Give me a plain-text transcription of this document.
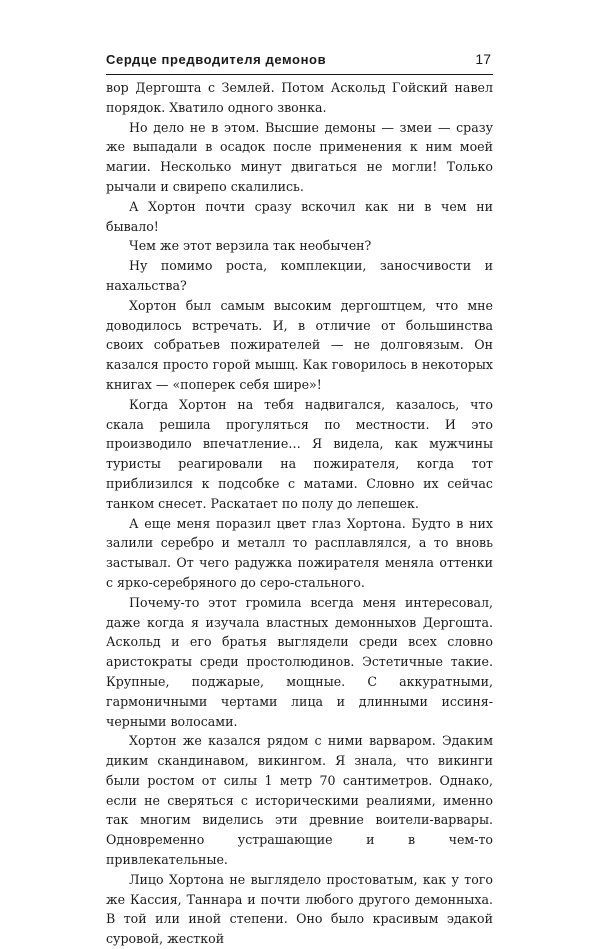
Сердце предводителя демонов	17

вор Дергошта с Землей. Потом Аскольд Гойский навел порядок. Хватило одного звонка.

Но дело не в этом. Высшие демоны — змеи — сразу же выпадали в осадок после применения к ним моей магии. Несколько минут двигаться не могли! Только рычали и свирепо скалились.

А Хортон почти сразу вскочил как ни в чем ни бывало!

Чем же этот верзила так необычен?

Ну помимо роста, комплекции, заносчивости и нахальства?

Хортон был самым высоким дергоштцем, что мне доводилось встречать. И, в отличие от большинства своих собратьев пожирателей — не долговязым. Он казался просто горой мышц. Как говорилось в некоторых книгах — «поперек себя шире»!

Когда Хортон на тебя надвигался, казалось, что скала решила прогуляться по местности. И это производило впечатление… Я видела, как мужчины туристы реагировали на пожирателя, когда тот приблизился к подсобке с матами. Словно их сейчас танком снесет. Раскатает по полу до лепешек.

А еще меня поразил цвет глаз Хортона. Будто в них залили серебро и металл то расплавлялся, а то вновь застывал. От чего радужка пожирателя меняла оттенки с ярко-серебряного до серо-стального.

Почему-то этот громила всегда меня интересовал, даже когда я изучала властных демонныхов Дергошта. Аскольд и его братья выглядели среди всех словно аристократы среди простолюдинов. Эстетичные такие. Крупные, поджарые, мощные. С аккуратными, гармоничными чертами лица и длинными иссиня-черными волосами.

Хортон же казался рядом с ними варваром. Эдаким диким скандинавом, викингом. Я знала, что викинги были ростом от силы 1 метр 70 сантиметров. Однако, если не сверяться с историческими реалиями, именно так многим виделись эти древние воители-варвары. Одновременно устрашающие и в чем-то привлекательные.

Лицо Хортона не выглядело простоватым, как у того же Кассия, Таннара и почти любого другого демонныха. В той или иной степени. Оно было красивым эдакой суровой, жесткой
